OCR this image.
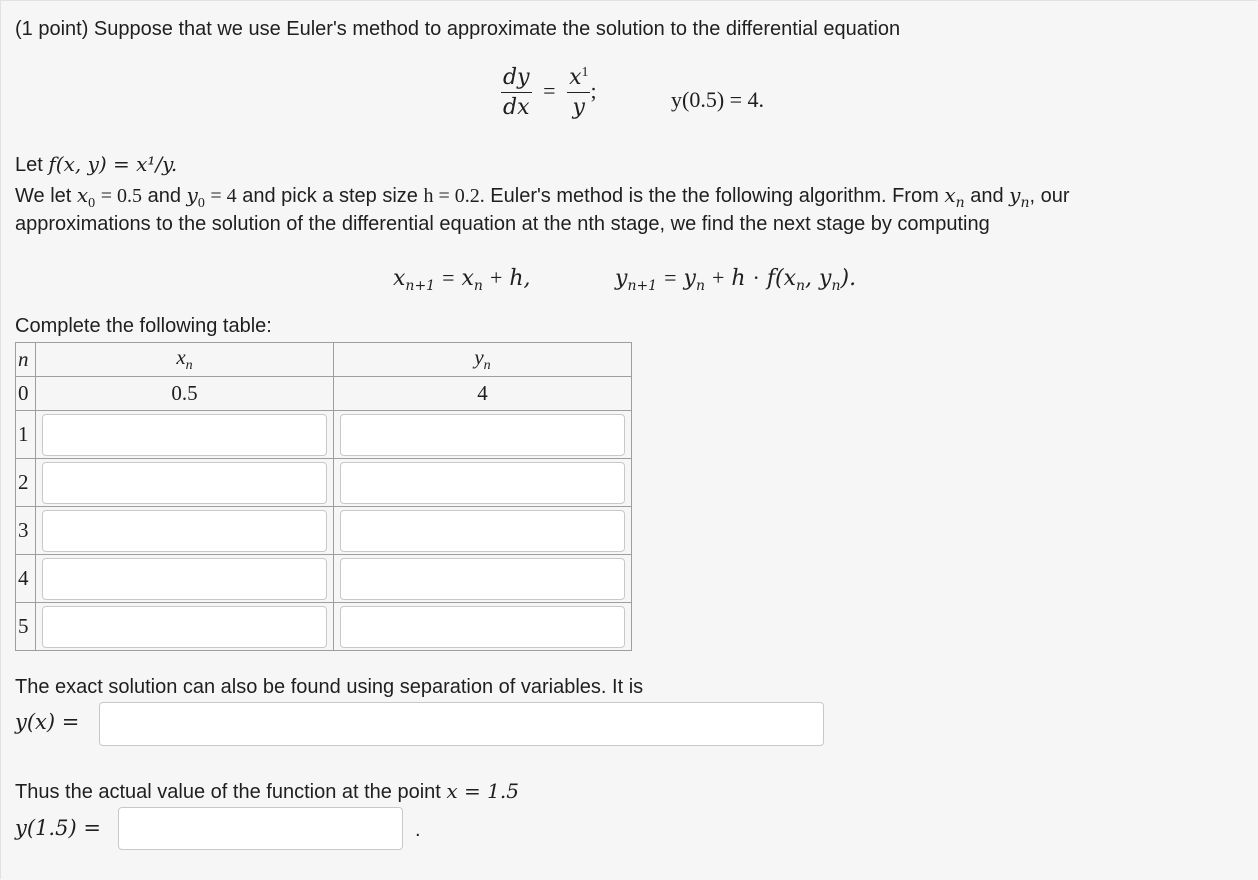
(1 point) Suppose that we use Euler's method to approximate the solution to the differential equation
$\frac{dy}{dx} = \frac{x^1}{y}$ ;	y(0.5) = 4.
Let f(x, y) = x¹/y.
We let $x_0 = 0.5$ and $y_0 = 4$ and pick a step size h = 0.2. Euler's method is the the following algorithm. From $x_n$ and $y_n$, our
approximations to the solution of the differential equation at the nth stage, we find the next stage by computing
$x_{n+1} = x_n + h$,	$y_{n+1} = y_n + h \cdot f(x_n$, $y_n$).
Complete the following table:
n	$x_n$	$y_n$
0	0.5	4
1	

2	

3	

4	

5	

The exact solution can also be found using separation of variables. It is
y(x) =
Thus the actual value of the function at the point x = 1.5
y(1.5) =	.
